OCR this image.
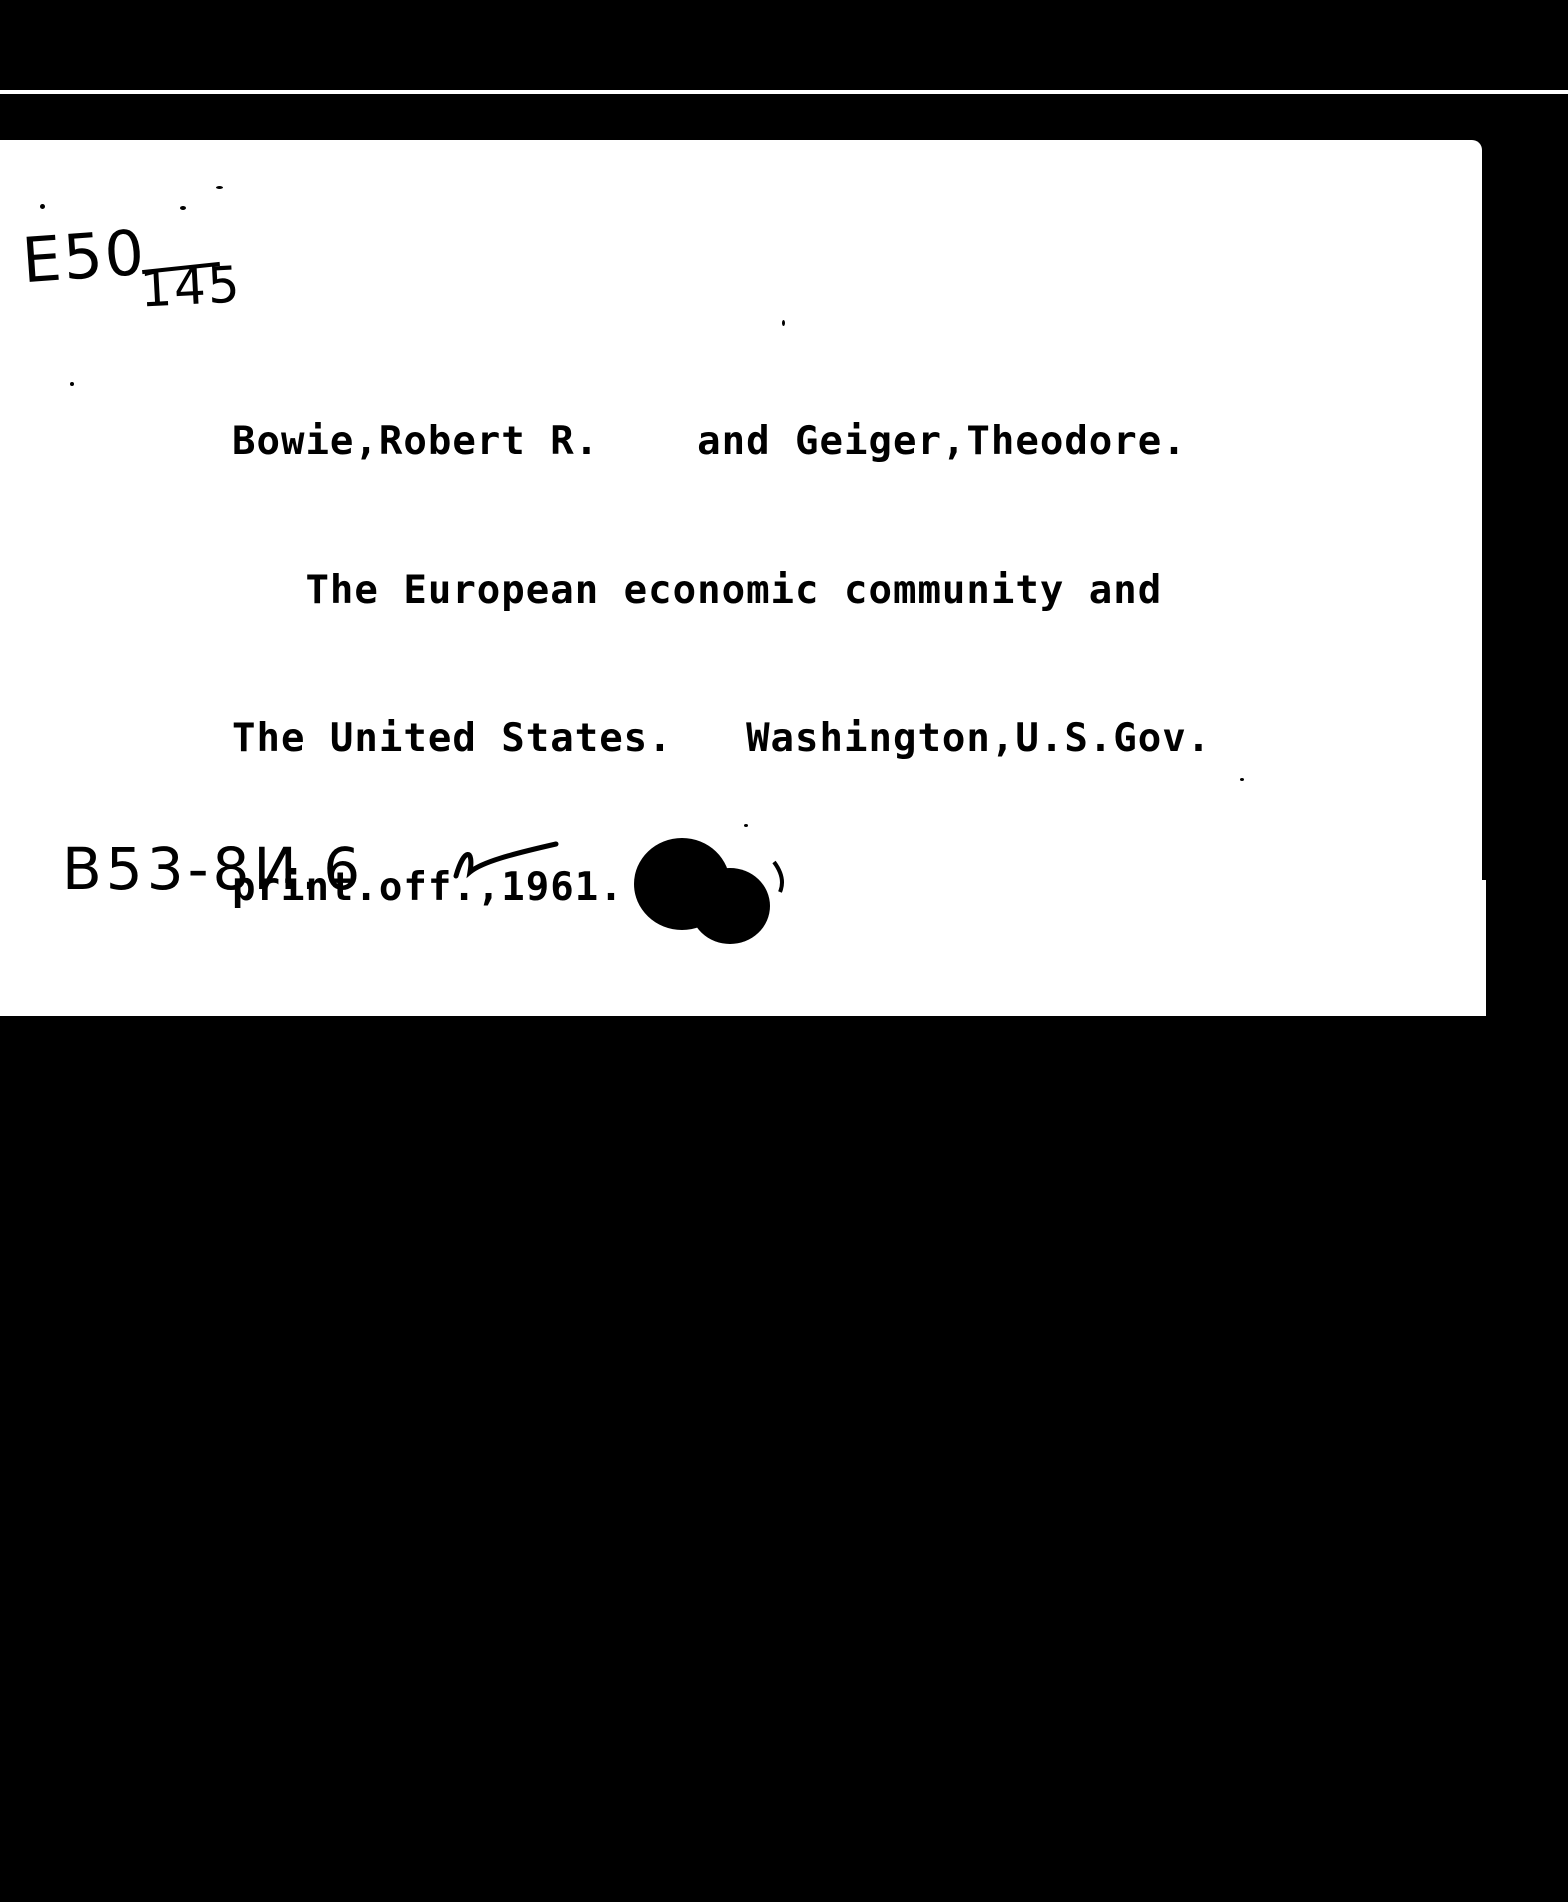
E50
145

Bowie,Robert R.    and Geiger,Theodore.

The European economic community and

The United States.   Washington,U.S.Gov.

print.off.,1961.

60 c.   (87th Congress,1st Session.

Joint com.print. Subcom.of foreign econ.

policy of the Joint econ.com.Congress of

the United States).

Авт.на обл.не указ.

23 см.

B53-8И.6
